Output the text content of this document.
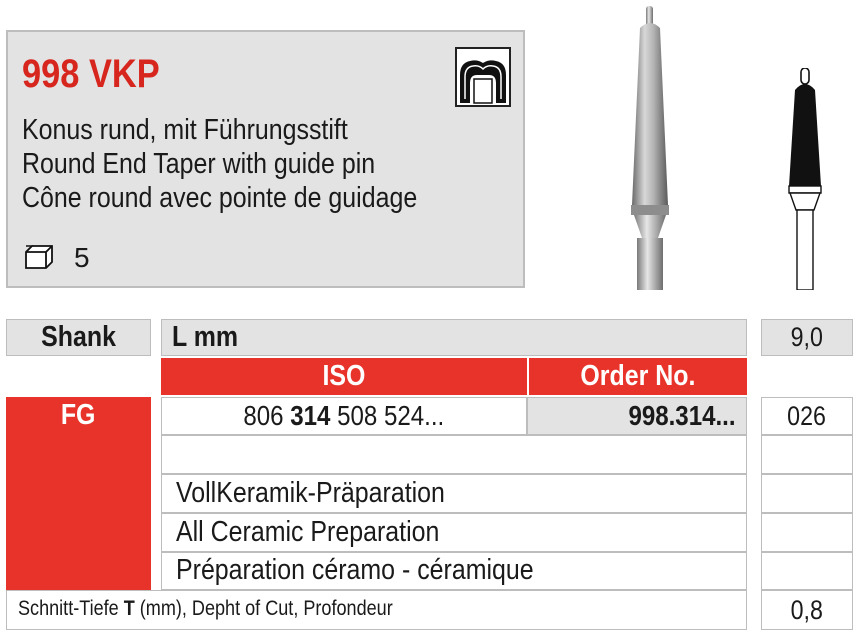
998 VKP
Konus rund, mit Führungsstift
Round End Taper with guide pin
Cône round avec pointe de guidage
5
Shank	L mm	9,0
ISO	Order No.
FG	806 314 508 524...	998.314...	026
VollKeramik-Präparation
All Ceramic Preparation
Préparation céramo - céramique
Schnitt-Tiefe T (mm), Depht of Cut, Profondeur	0,8
